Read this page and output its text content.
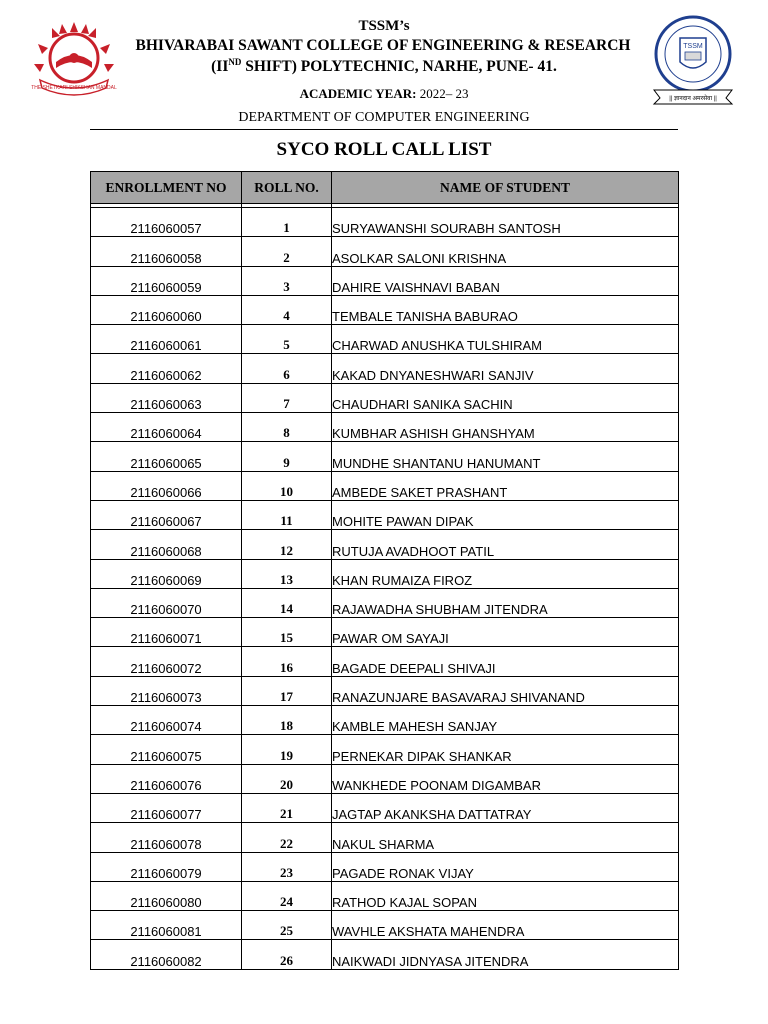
THE SHETKARI SHIKSHAN MANDAL
TSSM
|| ज्ञानदान अमरसेवा ||
TSSM’s
BHIVARABAI SAWANT COLLEGE OF ENGINEERING & RESEARCH
(IIND SHIFT) POLYTECHNIC, NARHE, PUNE- 41.
ACADEMIC YEAR: 2022– 23
DEPARTMENT OF COMPUTER ENGINEERING
SYCO ROLL CALL LIST
ENROLLMENT NO	ROLL NO.	NAME OF STUDENT

2116060057	1	SURYAWANSHI SOURABH SANTOSH
2116060058	2	ASOLKAR SALONI KRISHNA
2116060059	3	DAHIRE VAISHNAVI BABAN
2116060060	4	TEMBALE TANISHA BABURAO
2116060061	5	CHARWAD ANUSHKA TULSHIRAM
2116060062	6	KAKAD DNYANESHWARI SANJIV
2116060063	7	CHAUDHARI SANIKA SACHIN
2116060064	8	KUMBHAR ASHISH GHANSHYAM
2116060065	9	MUNDHE SHANTANU HANUMANT
2116060066	10	AMBEDE SAKET PRASHANT
2116060067	11	MOHITE PAWAN DIPAK
2116060068	12	RUTUJA AVADHOOT PATIL
2116060069	13	KHAN RUMAIZA FIROZ
2116060070	14	RAJAWADHA SHUBHAM JITENDRA
2116060071	15	PAWAR OM SAYAJI
2116060072	16	BAGADE DEEPALI SHIVAJI
2116060073	17	RANAZUNJARE BASAVARAJ SHIVANAND
2116060074	18	KAMBLE MAHESH SANJAY
2116060075	19	PERNEKAR DIPAK SHANKAR
2116060076	20	WANKHEDE POONAM DIGAMBAR
2116060077	21	JAGTAP AKANKSHA DATTATRAY
2116060078	22	NAKUL SHARMA
2116060079	23	PAGADE RONAK VIJAY
2116060080	24	RATHOD KAJAL SOPAN
2116060081	25	WAVHLE AKSHATA MAHENDRA
2116060082	26	NAIKWADI JIDNYASA JITENDRA
